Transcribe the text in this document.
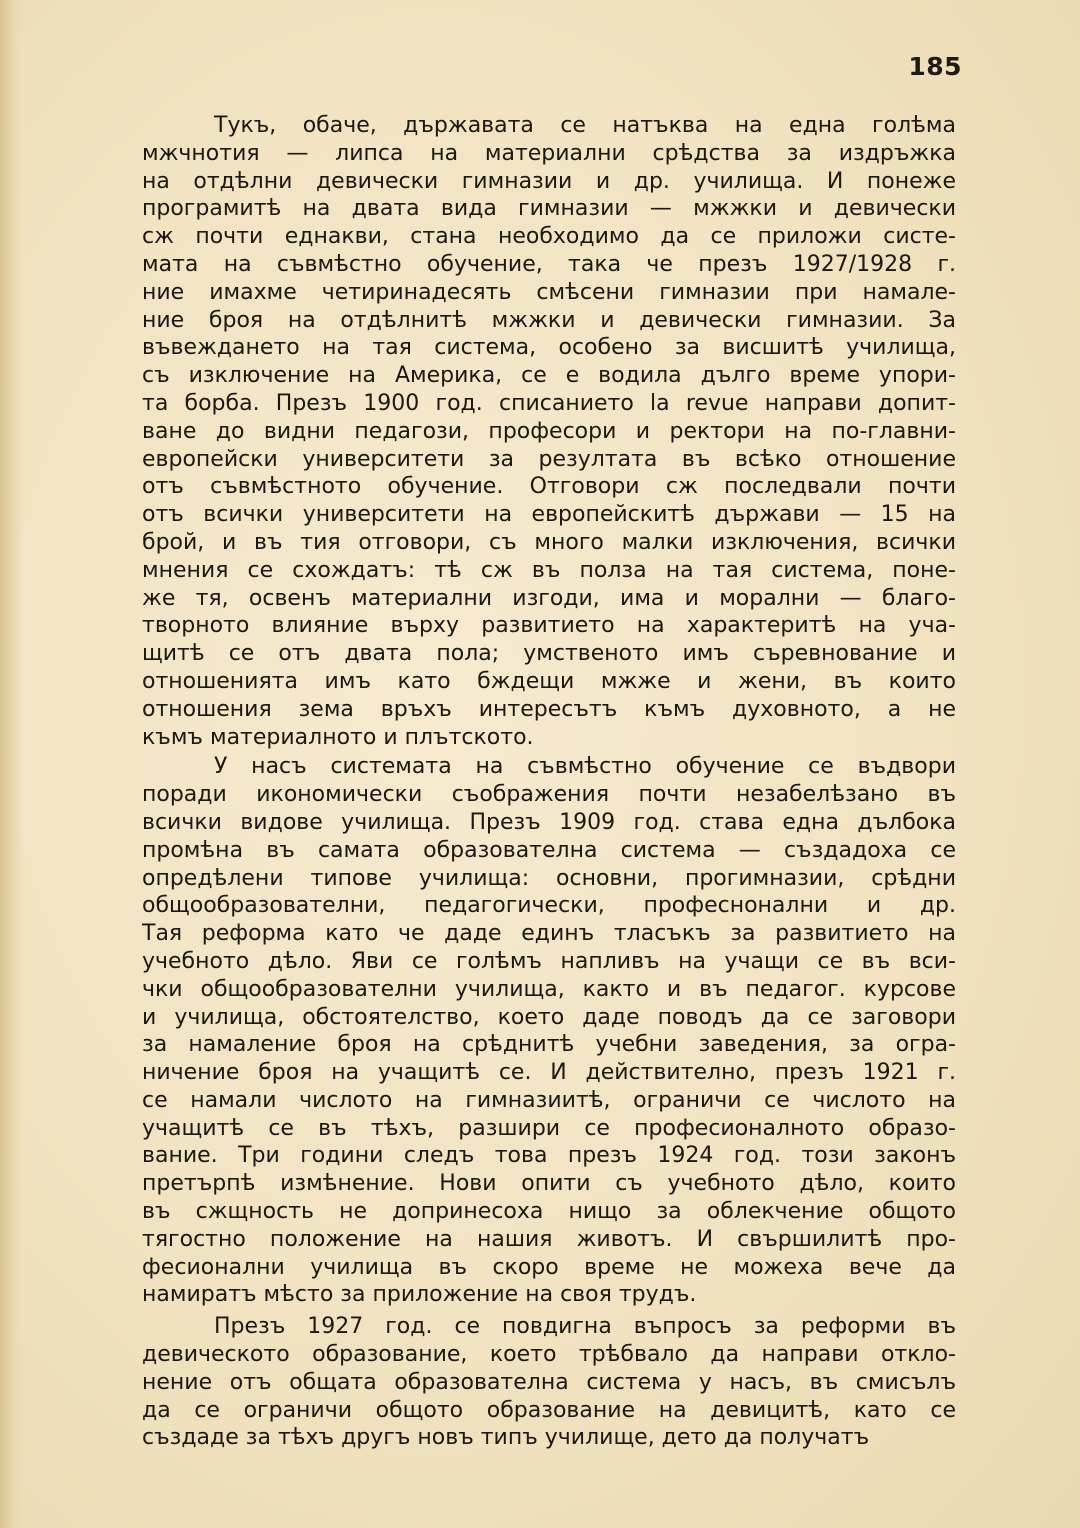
185
Тукъ, обаче, държавата се натъква на една голѣма
мжчнотия — липса на материални срѣдства за издръжка
на отдѣлни девически гимназии и др. училища. И понеже
програмитѣ на двата вида гимназии — мжжки и девически
сж почти еднакви, стана необходимо да се приложи систе-
мата на съвмѣстно обучение, така че презъ 1927/1928 г.
ние имахме четиринадесять смѣсени гимназии при намале-
ние броя на отдѣлнитѣ мжжки и девически гимназии. За
въвеждането на тая система, особено за висшитѣ училища,
съ изключение на Америка, се е водила дълго време упори-
та борба. Презъ 1900 год. списанието la revue направи допит-
ване до видни педагози, професори и ректори на по-главни-
европейски университети за резултата въ всѣко отношение
отъ съвмѣстното обучение. Отговори сж последвали почти
отъ всички университети на европейскитѣ държави — 15 на
брой, и въ тия отговори, съ много малки изключения, всички
мнения се схождатъ: тѣ сж въ полза на тая система, поне-
же тя, освенъ материални изгоди, има и морални — благо-
творното влияние върху развитието на характеритѣ на уча-
щитѣ се отъ двата пола; умственото имъ съревнование и
отношенията имъ като бждещи мжже и жени, въ които
отношения зема връхъ интересътъ къмъ духовното, а не
къмъ материалното и плътското.
У насъ системата на съвмѣстно обучение се въдвори
поради икономически съображения почти незабелѣзано въ
всички видове училища. Презъ 1909 год. става една дълбока
промѣна въ самата образователна система — създадоха се
опредѣлени типове училища: основни, прогимназии, срѣдни
общообразователни, педагогически, професнонални и др.
Тая реформа като че даде единъ тласъкъ за развитието на
учебното дѣло. Яви се голѣмъ напливъ на учащи се въ вси-
чки общообразователни училища, както и въ педагог. курсове
и училища, обстоятелство, което даде поводъ да се заговори
за намаление броя на срѣднитѣ учебни заведения, за огра-
ничение броя на учащитѣ се. И действително, презъ 1921 г.
се намали числото на гимназиитѣ, ограничи се числото на
учащитѣ се въ тѣхъ, разшири се професионалното образо-
вание. Три години следъ това презъ 1924 год. този законъ
претърпѣ измѣнение. Нови опити съ учебното дѣло, които
въ сжщность не допринесоха нищо за облекчение общото
тягостно положение на нашия животъ. И свършилитѣ про-
фесионални училища въ скоро време не можеха вече да
намиратъ мѣсто за приложение на своя трудъ.
Презъ 1927 год. се повдигна въпросъ за реформи въ
девическото образование, което трѣбвало да направи откло-
нение отъ общата образователна система у насъ, въ смисълъ
да се ограничи общото образование на девицитѣ, като се
създаде за тѣхъ другъ новъ типъ училище, дето да получатъ
